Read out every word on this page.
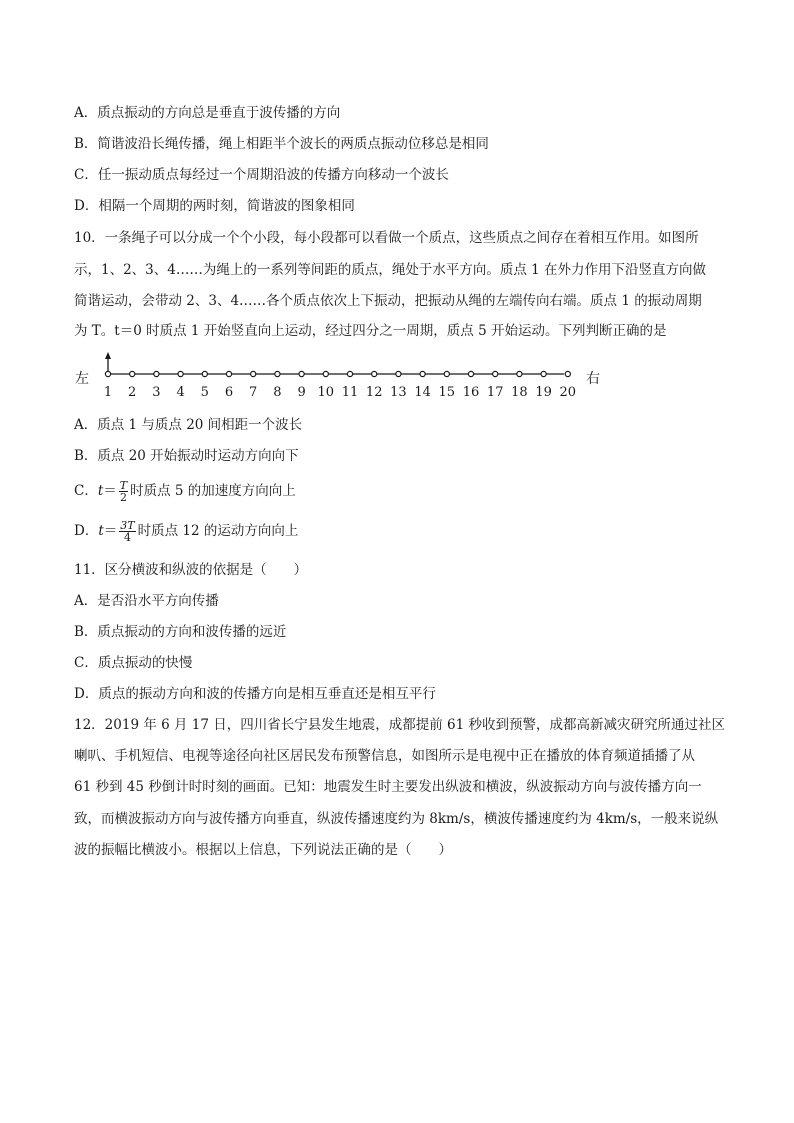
A．质点振动的方向总是垂直于波传播的方向
B．简谐波沿长绳传播，绳上相距半个波长的两质点振动位移总是相同
C．任一振动质点每经过一个周期沿波的传播方向移动一个波长
D．相隔一个周期的两时刻，简谐波的图象相同
10．一条绳子可以分成一个个小段，每小段都可以看做一个质点，这些质点之间存在着相互作用。如图所
示，1、2、3、4……为绳上的一系列等间距的质点，绳处于水平方向。质点 1 在外力作用下沿竖直方向做
简谐运动，会带动 2、3、4……各个质点依次上下振动，把振动从绳的左端传向右端。质点 1 的振动周期
为 T。t＝0 时质点 1 开始竖直向上运动，经过四分之一周期，质点 5 开始运动。下列判断正确的是
左	右
1 2 3 4 5 6 7 8 9 10 11 12 13 14 15 16 17 18 19 20
A．质点 1 与质点 20 间相距一个波长
B．质点 20 开始振动时运动方向向下
C．$t= \frac{T}{2}$ 时质点 5 的加速度方向向上
D．$t= \frac{3T}{4}$ 时质点 12 的运动方向向上
11．区分横波和纵波的依据是（　　）
A．是否沿水平方向传播
B．质点振动的方向和波传播的远近
C．质点振动的快慢
D．质点的振动方向和波的传播方向是相互垂直还是相互平行
12．2019 年 6 月 17 日，四川省长宁县发生地震，成都提前 61 秒收到预警，成都高新减灾研究所通过社区
喇叭、手机短信、电视等途径向社区居民发布预警信息，如图所示是电视中正在播放的体育频道插播了从
61 秒到 45 秒倒计时时刻的画面。已知：地震发生时主要发出纵波和横波，纵波振动方向与波传播方向一
致，而横波振动方向与波传播方向垂直，纵波传播速度约为 8km/s，横波传播速度约为 4km/s，一般来说纵
波的振幅比横波小。根据以上信息，下列说法正确的是（　　）
